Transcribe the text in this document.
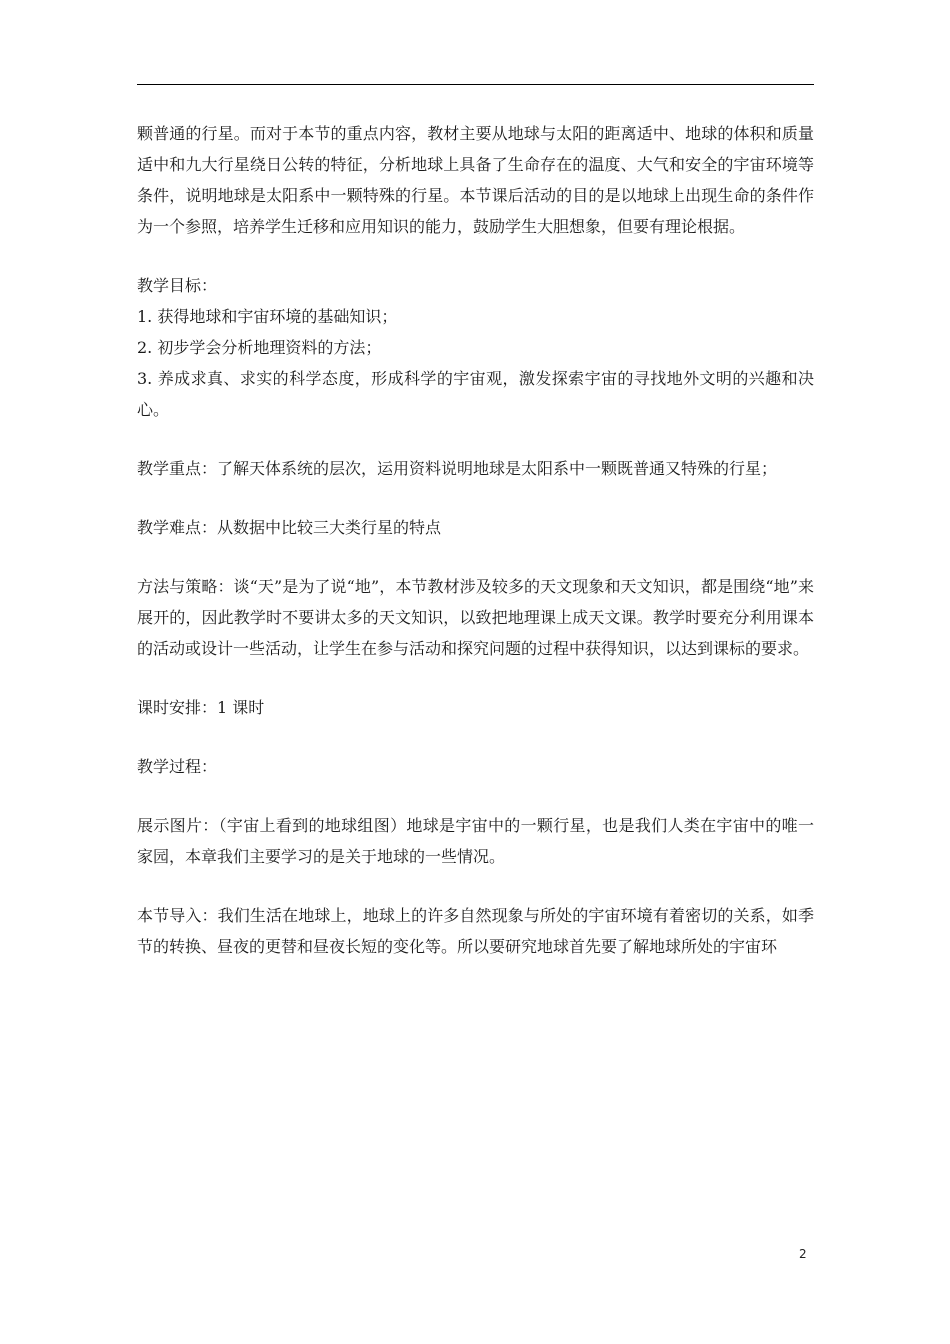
颗普通的行星。而对于本节的重点内容，教材主要从地球与太阳的距离适中、地球的体积和质量适中和九大行星绕日公转的特征，分析地球上具备了生命存在的温度、大气和安全的宇宙环境等条件，说明地球是太阳系中一颗特殊的行星。本节课后活动的目的是以地球上出现生命的条件作为一个参照，培养学生迁移和应用知识的能力，鼓励学生大胆想象，但要有理论根据。

教学目标：

1. 获得地球和宇宙环境的基础知识；

2. 初步学会分析地理资料的方法；

3. 养成求真、求实的科学态度，形成科学的宇宙观，激发探索宇宙的寻找地外文明的兴趣和决心。

教学重点：了解天体系统的层次，运用资料说明地球是太阳系中一颗既普通又特殊的行星；

教学难点：从数据中比较三大类行星的特点

方法与策略：谈“天”是为了说“地”，本节教材涉及较多的天文现象和天文知识，都是围绕“地”来展开的，因此教学时不要讲太多的天文知识，以致把地理课上成天文课。教学时要充分利用课本的活动或设计一些活动，让学生在参与活动和探究问题的过程中获得知识，以达到课标的要求。

课时安排：1 课时

教学过程：

展示图片：（宇宙上看到的地球组图）地球是宇宙中的一颗行星，也是我们人类在宇宙中的唯一家园，本章我们主要学习的是关于地球的一些情况。

本节导入：我们生活在地球上，地球上的许多自然现象与所处的宇宙环境有着密切的关系，如季节的转换、昼夜的更替和昼夜长短的变化等。所以要研究地球首先要了解地球所处的宇宙环

2
